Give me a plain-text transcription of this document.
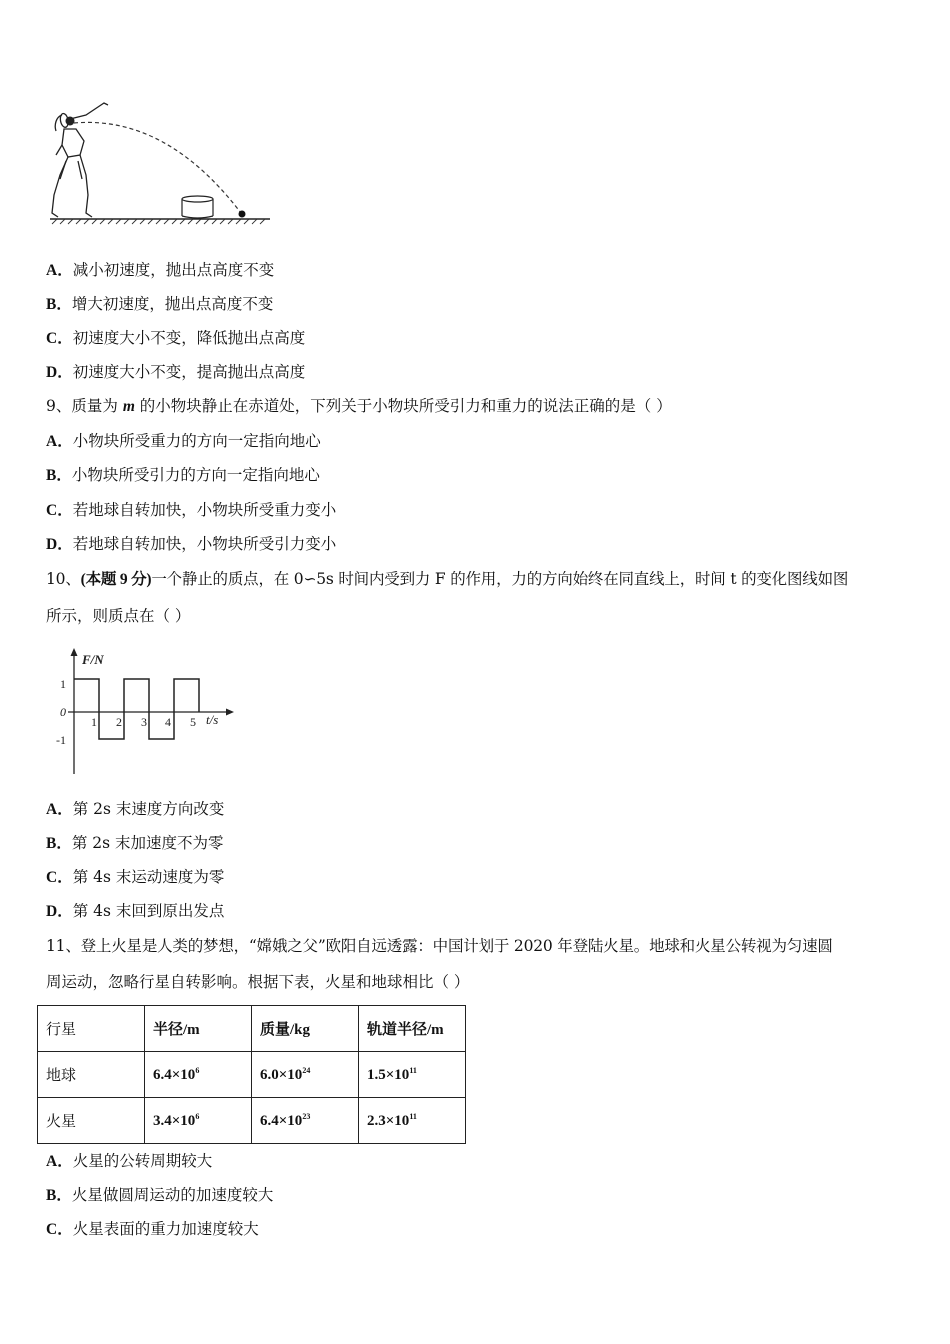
A．减小初速度，抛出点高度不变
B．增大初速度，抛出点高度不变
C．初速度大小不变，降低抛出点高度
D．初速度大小不变，提高抛出点高度
9、质量为 m 的小物块静止在赤道处，下列关于小物块所受引力和重力的说法正确的是（ ）
A．小物块所受重力的方向一定指向地心
B．小物块所受引力的方向一定指向地心
C．若地球自转加快，小物块所受重力变小
D．若地球自转加快，小物块所受引力变小
10、(本题 9 分)一个静止的质点，在 0∽5s 时间内受到力 F 的作用，力的方向始终在同直线上，时间 t 的变化图线如图
所示，则质点在（ ）
F/N
t/s
1
0
-1
1 2 3 4 5
A．第 2s 末速度方向改变
B．第 2s 末加速度不为零
C．第 4s 末运动速度为零
D．第 4s 末回到原出发点
11、登上火星是人类的梦想，“嫦娥之父”欧阳自远透露：中国计划于 2020 年登陆火星。地球和火星公转视为匀速圆
周运动，忽略行星自转影响。根据下表，火星和地球相比（ ）
行星	半径/m	质量/kg	轨道半径/m
地球	$6.4\times 10^6$	$6.0\times 10^{24}$	$1.5\times 10^{11}$
火星	$3.4\times 10^6$	$6.4\times 10^{23}$	$2.3\times 10^{11}$
A．火星的公转周期较大
B．火星做圆周运动的加速度较大
C．火星表面的重力加速度较大
